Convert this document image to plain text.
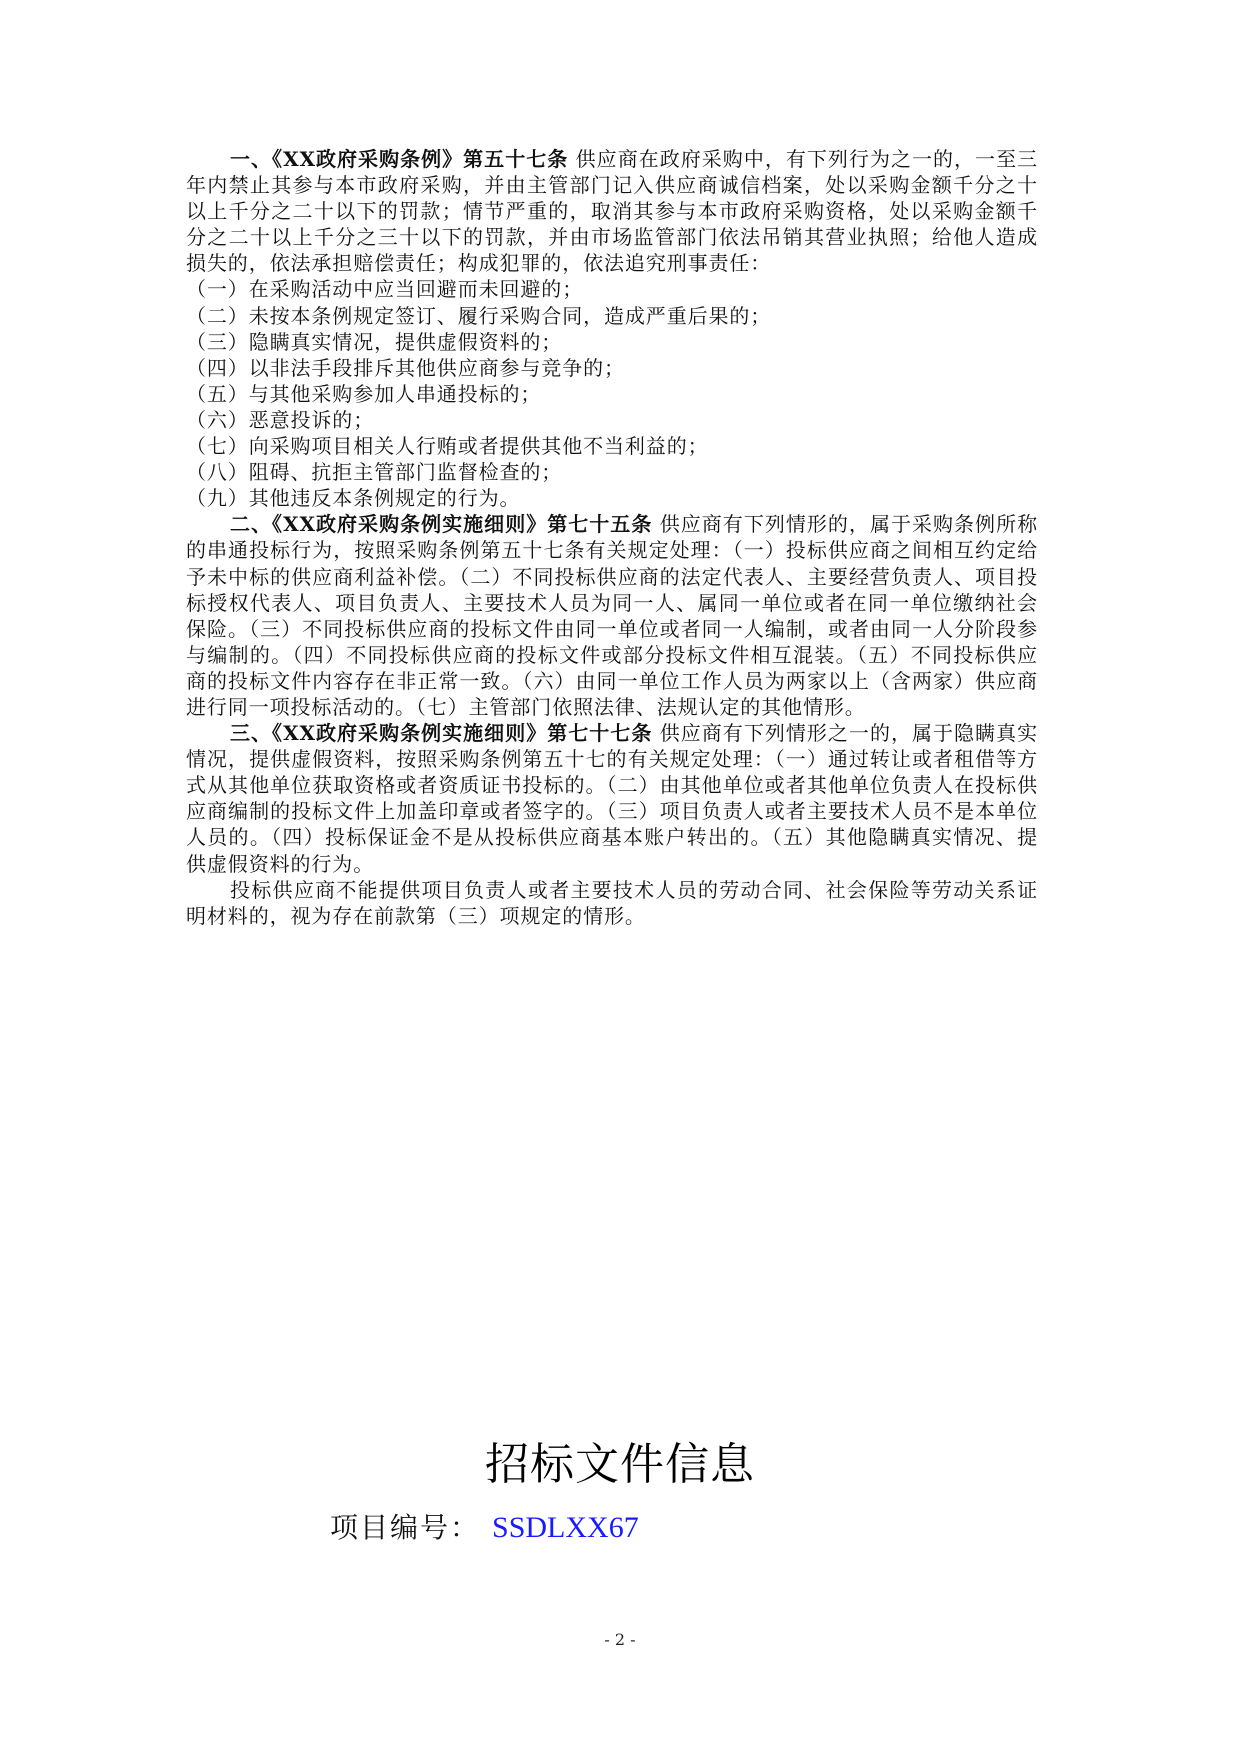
一、《XX政府采购条例》第五十七条 供应商在政府采购中，有下列行为之一的，一至三年内禁止其参与本市政府采购，并由主管部门记入供应商诚信档案，处以采购金额千分之十以上千分之二十以下的罚款；情节严重的，取消其参与本市政府采购资格，处以采购金额千分之二十以上千分之三十以下的罚款，并由市场监管部门依法吊销其营业执照；给他人造成损失的，依法承担赔偿责任；构成犯罪的，依法追究刑事责任：

（一）在采购活动中应当回避而未回避的；

（二）未按本条例规定签订、履行采购合同，造成严重后果的；

（三）隐瞒真实情况，提供虚假资料的；

（四）以非法手段排斥其他供应商参与竞争的；

（五）与其他采购参加人串通投标的；

（六）恶意投诉的；

（七）向采购项目相关人行贿或者提供其他不当利益的；

（八）阻碍、抗拒主管部门监督检查的；

（九）其他违反本条例规定的行为。

二、《XX政府采购条例实施细则》第七十五条 供应商有下列情形的，属于采购条例所称的串通投标行为，按照采购条例第五十七条有关规定处理：（一）投标供应商之间相互约定给予未中标的供应商利益补偿。（二）不同投标供应商的法定代表人、主要经营负责人、项目投标授权代表人、项目负责人、主要技术人员为同一人、属同一单位或者在同一单位缴纳社会保险。（三）不同投标供应商的投标文件由同一单位或者同一人编制，或者由同一人分阶段参与编制的。（四）不同投标供应商的投标文件或部分投标文件相互混装。（五）不同投标供应商的投标文件内容存在非正常一致。（六）由同一单位工作人员为两家以上（含两家）供应商进行同一项投标活动的。（七）主管部门依照法律、法规认定的其他情形。

三、《XX政府采购条例实施细则》第七十七条 供应商有下列情形之一的，属于隐瞒真实情况，提供虚假资料，按照采购条例第五十七的有关规定处理：（一）通过转让或者租借等方式从其他单位获取资格或者资质证书投标的。（二）由其他单位或者其他单位负责人在投标供应商编制的投标文件上加盖印章或者签字的。（三）项目负责人或者主要技术人员不是本单位人员的。（四）投标保证金不是从投标供应商基本账户转出的。（五）其他隐瞒真实情况、提供虚假资料的行为。

投标供应商不能提供项目负责人或者主要技术人员的劳动合同、社会保险等劳动关系证明材料的，视为存在前款第（三）项规定的情形。

招标文件信息
项目编号： SSDLXX67
- 2 -
